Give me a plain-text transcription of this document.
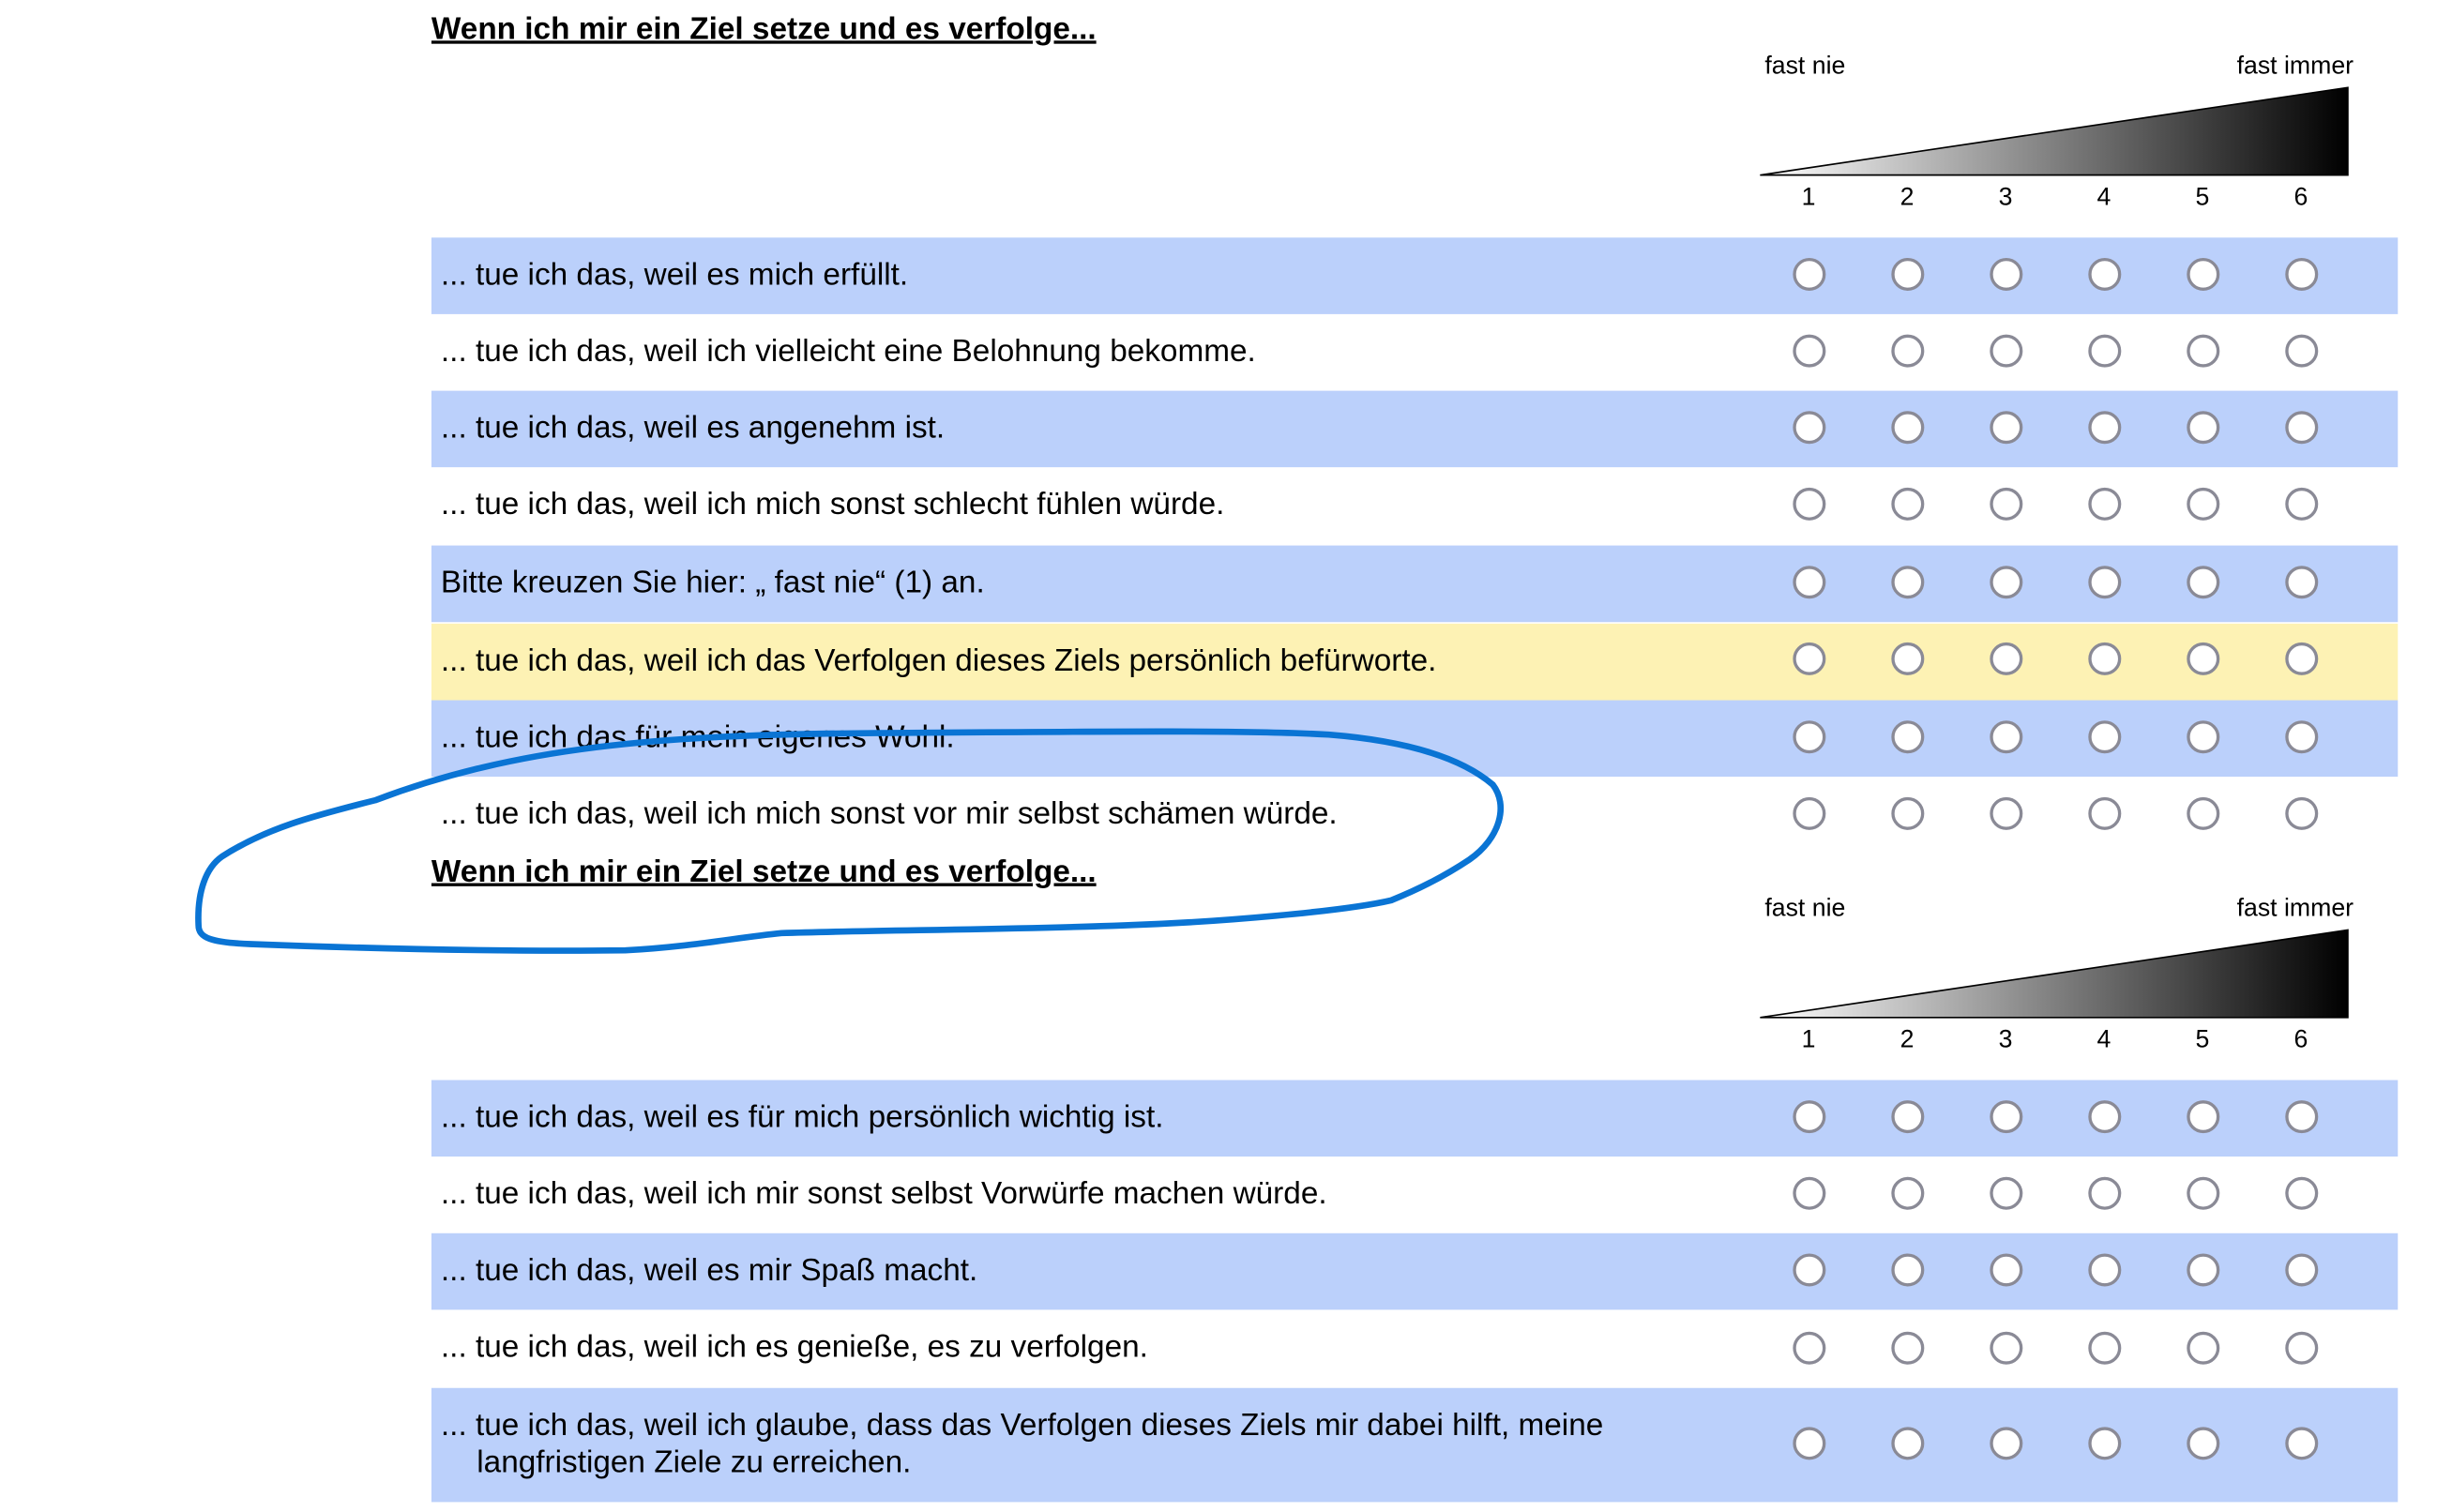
Wenn ich mir ein Ziel setze und es verfolge...
fast nie	fast immer
1	2	3	4	5	6
... tue ich das, weil es mich erfüllt.
... tue ich das, weil ich vielleicht eine Belohnung bekomme.
... tue ich das, weil es angenehm ist.
... tue ich das, weil ich mich sonst schlecht fühlen würde.
Bitte kreuzen Sie hier: „ fast nie“ (1) an.
... tue ich das, weil ich das Verfolgen dieses Ziels persönlich befürworte.
... tue ich das für mein eigenes Wohl.
... tue ich das, weil ich mich sonst vor mir selbst schämen würde.
Wenn ich mir ein Ziel setze und es verfolge...
fast nie	fast immer
1	2	3	4	5	6
... tue ich das, weil es für mich persönlich wichtig ist.
... tue ich das, weil ich mir sonst selbst Vorwürfe machen würde.
... tue ich das, weil es mir Spaß macht.
... tue ich das, weil ich es genieße, es zu verfolgen.
... tue ich das, weil ich glaube, dass das Verfolgen dieses Ziels mir dabei hilft, meine langfristigen Ziele zu erreichen.
